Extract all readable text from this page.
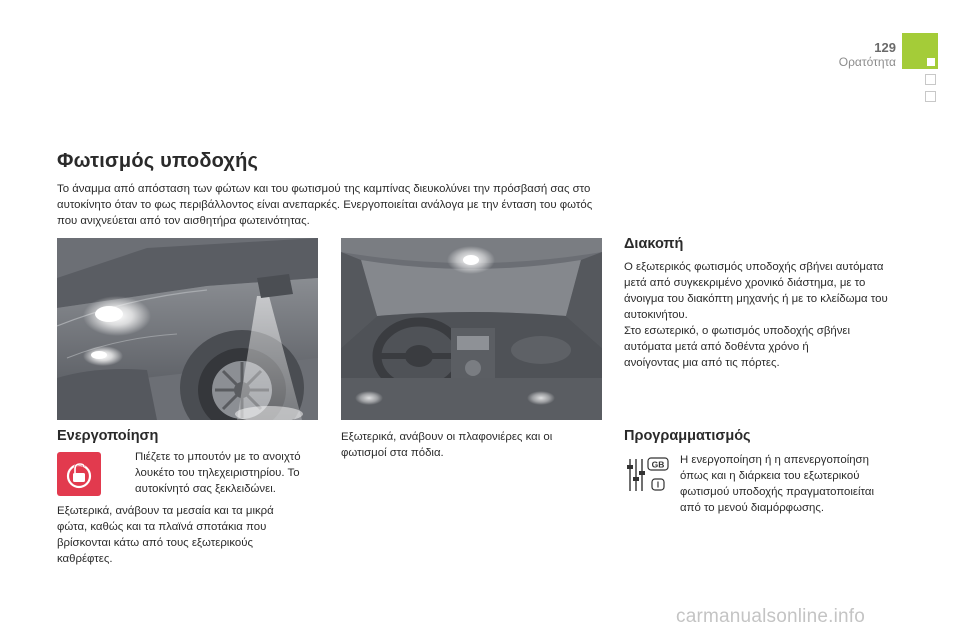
129
Ορατότητα
Φωτισμός υποδοχής
Το άναμμα από απόσταση των φώτων και του φωτισμού της καμπίνας διευκολύνει την πρόσβασή σας στο αυτοκίνητο όταν το φως περιβάλλοντος είναι ανεπαρκές. Ενεργοποιείται ανάλογα με την ένταση του φωτός που ανιχνεύεται από τον αισθητήρα φωτεινότητας.
Ενεργοποίηση
Πιέζετε το μπουτόν με το ανοιχτό λουκέτο του τηλεχειριστηρίου. Το αυτοκίνητό σας ξεκλειδώνει.
Εξωτερικά, ανάβουν τα μεσαία και τα μικρά φώτα, καθώς και τα πλαϊνά σποτάκια που βρίσκονται κάτω από τους εξωτερικούς καθρέφτες.
Εξωτερικά, ανάβουν οι πλαφονιέρες και οι φωτισμοί στα πόδια.
Διακοπή
Ο εξωτερικός φωτισμός υποδοχής σβήνει αυτόματα μετά από συγκεκριμένο χρονικό διάστημα, με το άνοιγμα του διακόπτη μηχανής ή με το κλείδωμα του αυτοκινήτου.
Στο εσωτερικό, ο φωτισμός υποδοχής σβήνει αυτόματα μετά από δοθέντα χρόνο ή ανοίγοντας μια από τις πόρτες.
Προγραμματισμός
GB
I
Η ενεργοποίηση ή η απενεργοποίηση όπως και η διάρκεια του εξωτερικού φωτισμού υποδοχής πραγματοποιείται από το μενού διαμόρφωσης.
carmanualsonline.info
